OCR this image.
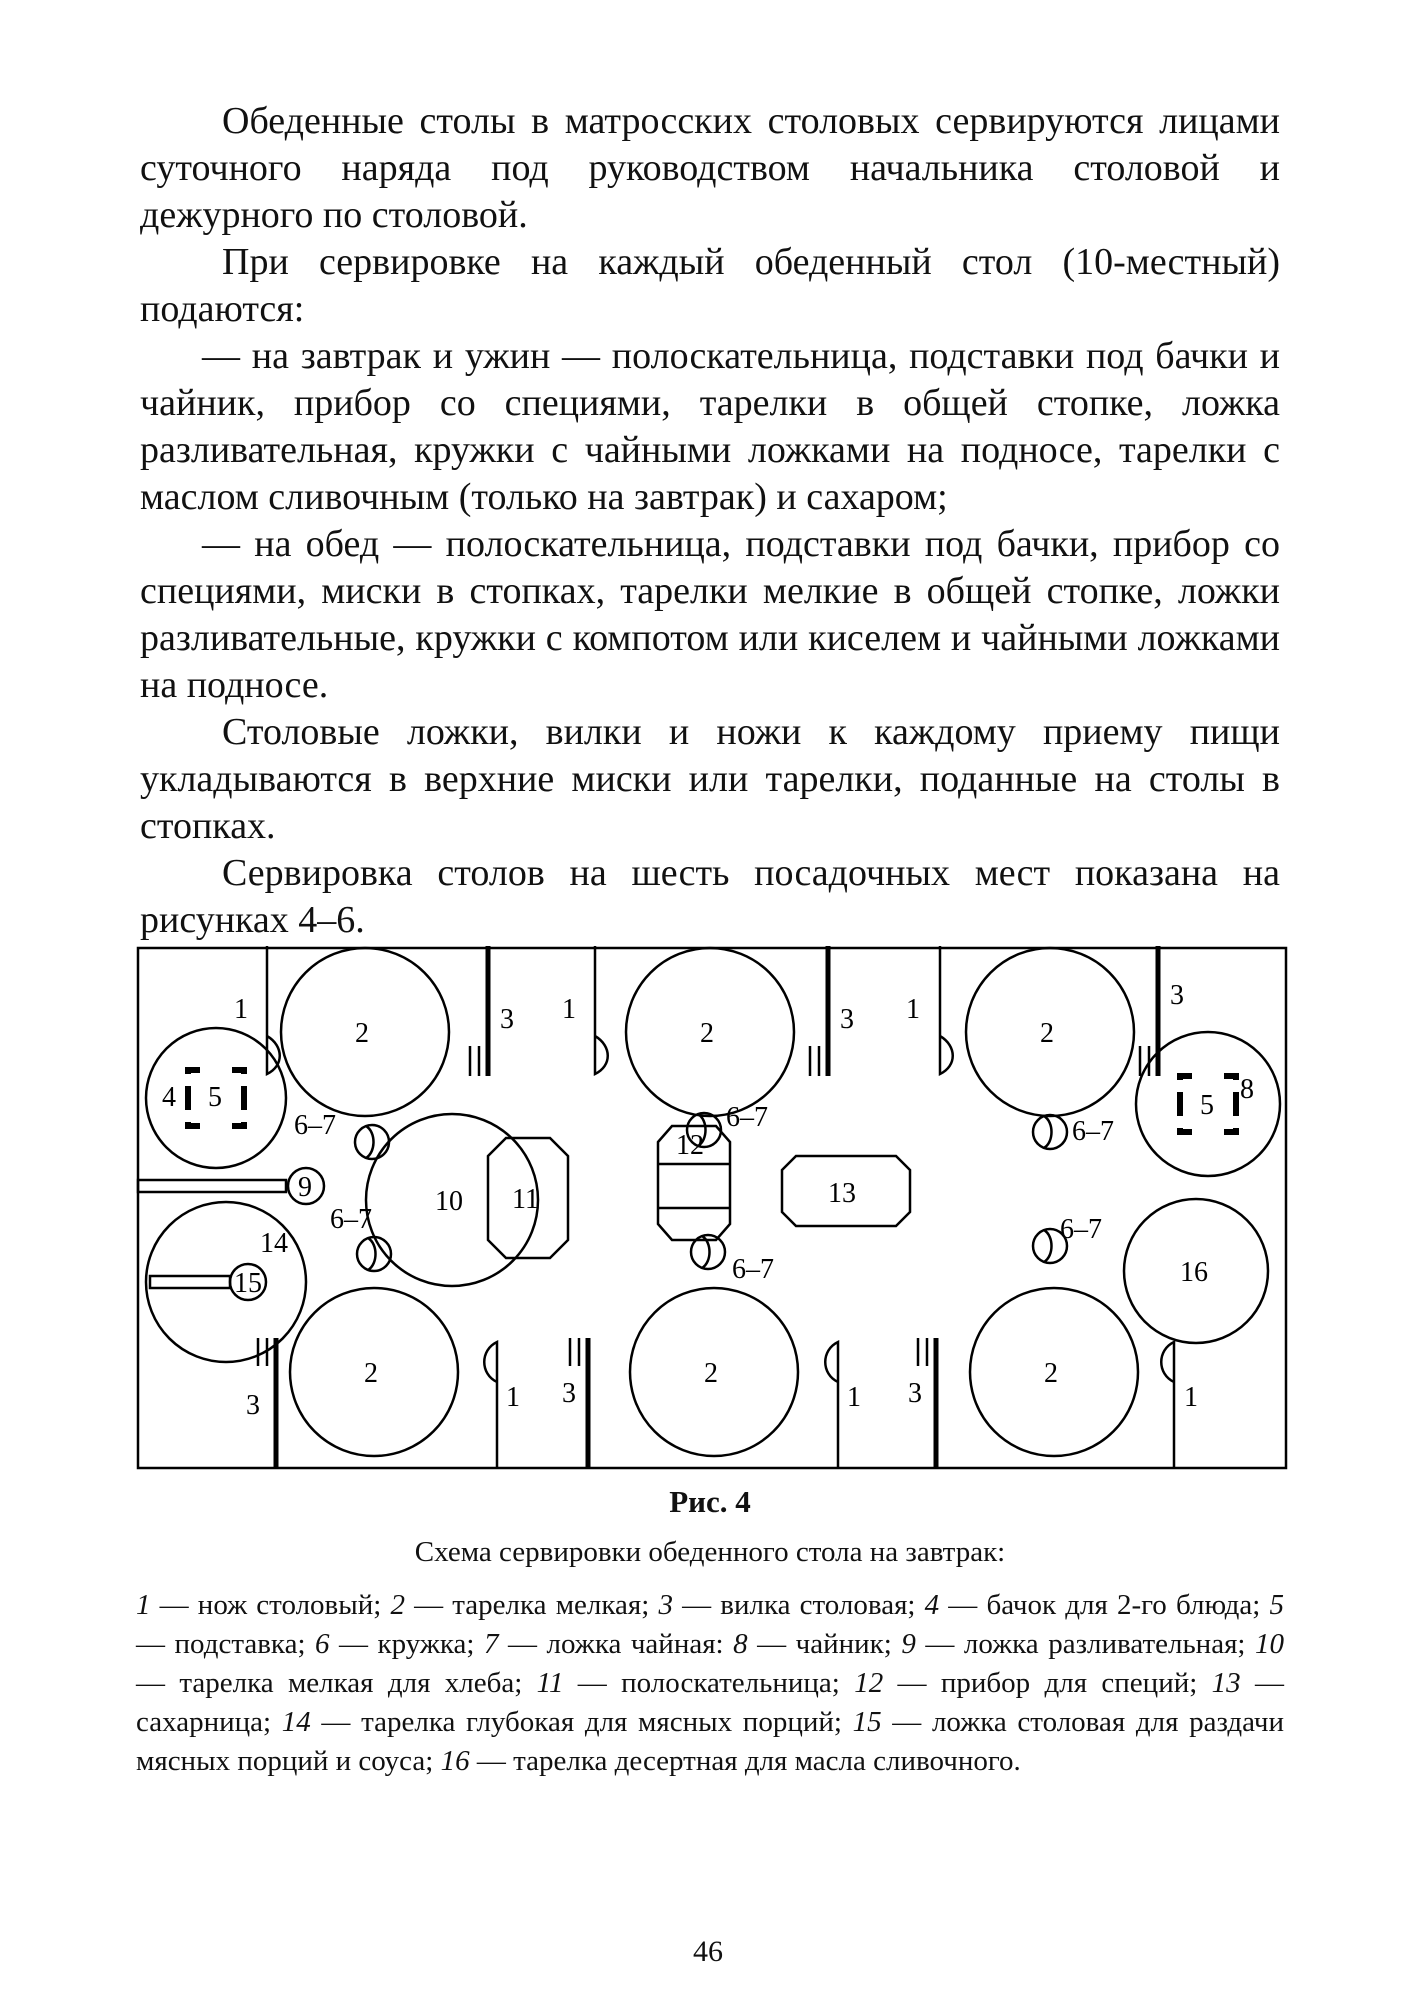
Обеденные столы в матросских столовых сервируются лицами суточного наряда под руководством начальника столовой и дежурного по столовой.

При сервировке на каждый обеденный стол (10-местный) подаются:

— на завтрак и ужин — полоскательница, подставки под бачки и чайник, прибор со специями, тарелки в общей стопке, ложка разливательная, кружки с чайными ложками на подносе, тарелки с маслом сливочным (только на завтрак) и сахаром;

— на обед — полоскательница, подставки под бачки, прибор со специями, миски в стопках, тарелки мелкие в общей стопке, ложки разливательные, кружки с компотом или киселем и чайными ложками на подносе.

Столовые ложки, вилки и ножи к каждому приему пищи укладываются в верхние миски или тарелки, поданные на столы в стопках.

Сервировка столов на шесть посадочных мест показана на рисунках 4–6.

2
1	3	2
1	3	2
1	3
2
1
3
2
1
3
2
1
3
5
4	5
8
9
15
14
10 11
12
13
16
6–7
6–7
6–7
6–7
6–7
6–7
Рис. 4
Схема сервировки обеденного стола на завтрак:
1 — нож столовый; 2 — тарелка мелкая; 3 — вилка столовая; 4 — бачок для 2-го блюда; 5 — подставка; 6 — кружка; 7 — ложка чайная: 8 — чайник; 9 — ложка разливательная; 10 — тарелка мелкая для хлеба; 11 — полоскательница; 12 — прибор для специй; 13 — сахарница; 14 — тарелка глубокая для мясных порций; 15 — ложка столовая для раздачи мясных порций и соуса; 16 — тарелка десертная для масла сливочного.
46
